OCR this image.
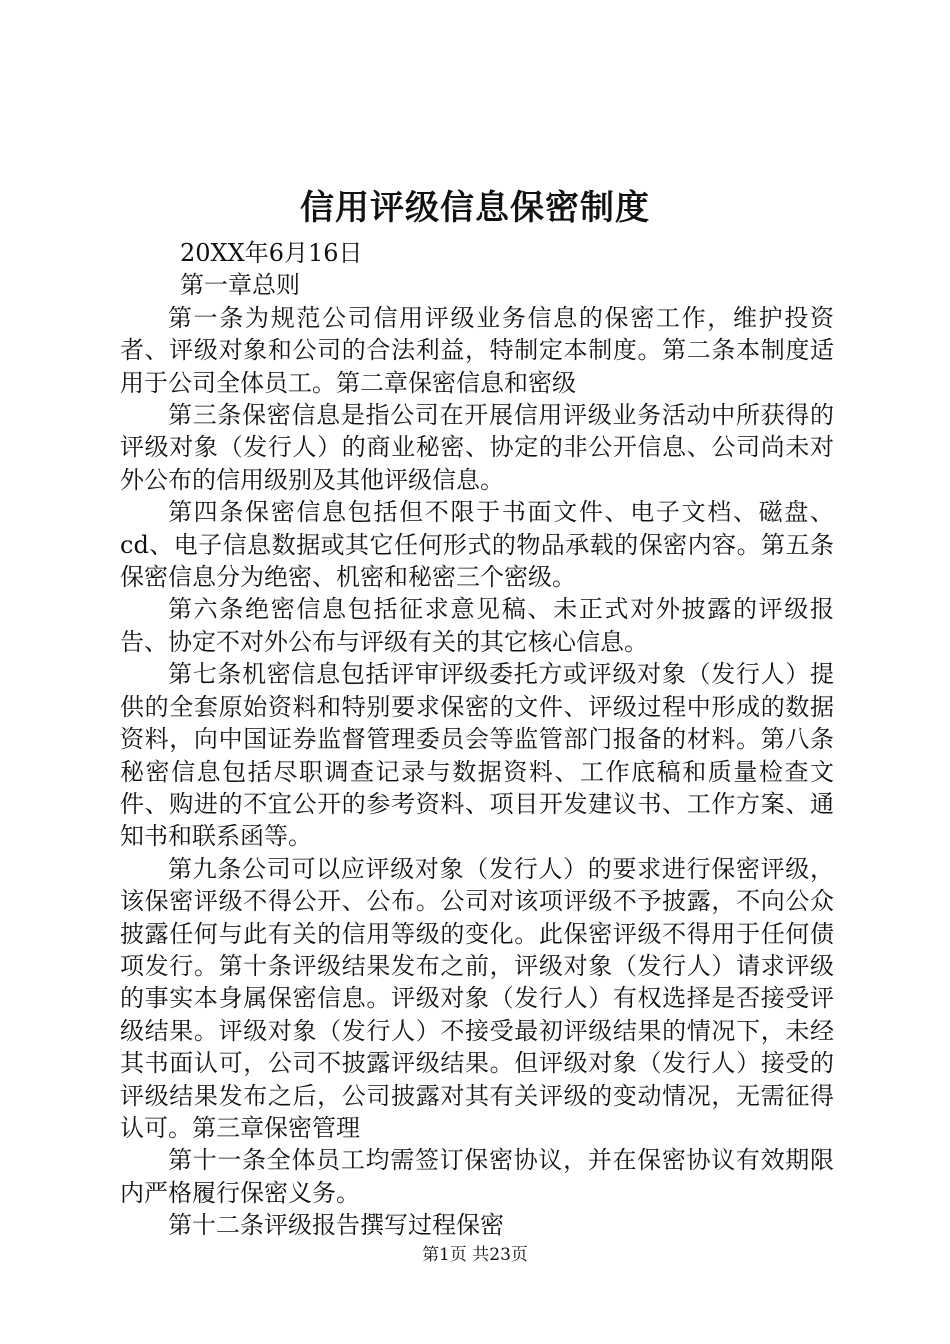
信用评级信息保密制度

20XX年6月16日

第一章总则

第一条为规范公司信用评级业务信息的保密工作，维护投资者、评级对象和公司的合法利益，特制定本制度。第二条本制度适用于公司全体员工。第二章保密信息和密级

第三条保密信息是指公司在开展信用评级业务活动中所获得的评级对象（发行人）的商业秘密、协定的非公开信息、公司尚未对外公布的信用级别及其他评级信息。

第四条保密信息包括但不限于书面文件、电子文档、磁盘、cd、电子信息数据或其它任何形式的物品承载的保密内容。第五条保密信息分为绝密、机密和秘密三个密级。

第六条绝密信息包括征求意见稿、未正式对外披露的评级报告、协定不对外公布与评级有关的其它核心信息。

第七条机密信息包括评审评级委托方或评级对象（发行人）提供的全套原始资料和特别要求保密的文件、评级过程中形成的数据资料，向中国证券监督管理委员会等监管部门报备的材料。第八条秘密信息包括尽职调查记录与数据资料、工作底稿和质量检查文件、购进的不宜公开的参考资料、项目开发建议书、工作方案、通知书和联系函等。

第九条公司可以应评级对象（发行人）的要求进行保密评级，该保密评级不得公开、公布。公司对该项评级不予披露，不向公众披露任何与此有关的信用等级的变化。此保密评级不得用于任何债项发行。第十条评级结果发布之前，评级对象（发行人）请求评级的事实本身属保密信息。评级对象（发行人）有权选择是否接受评级结果。评级对象（发行人）不接受最初评级结果的情况下，未经其书面认可，公司不披露评级结果。但评级对象（发行人）接受的评级结果发布之后，公司披露对其有关评级的变动情况，无需征得认可。第三章保密管理

第十一条全体员工均需签订保密协议，并在保密协议有效期限内严格履行保密义务。

第十二条评级报告撰写过程保密

第1页 共23页
